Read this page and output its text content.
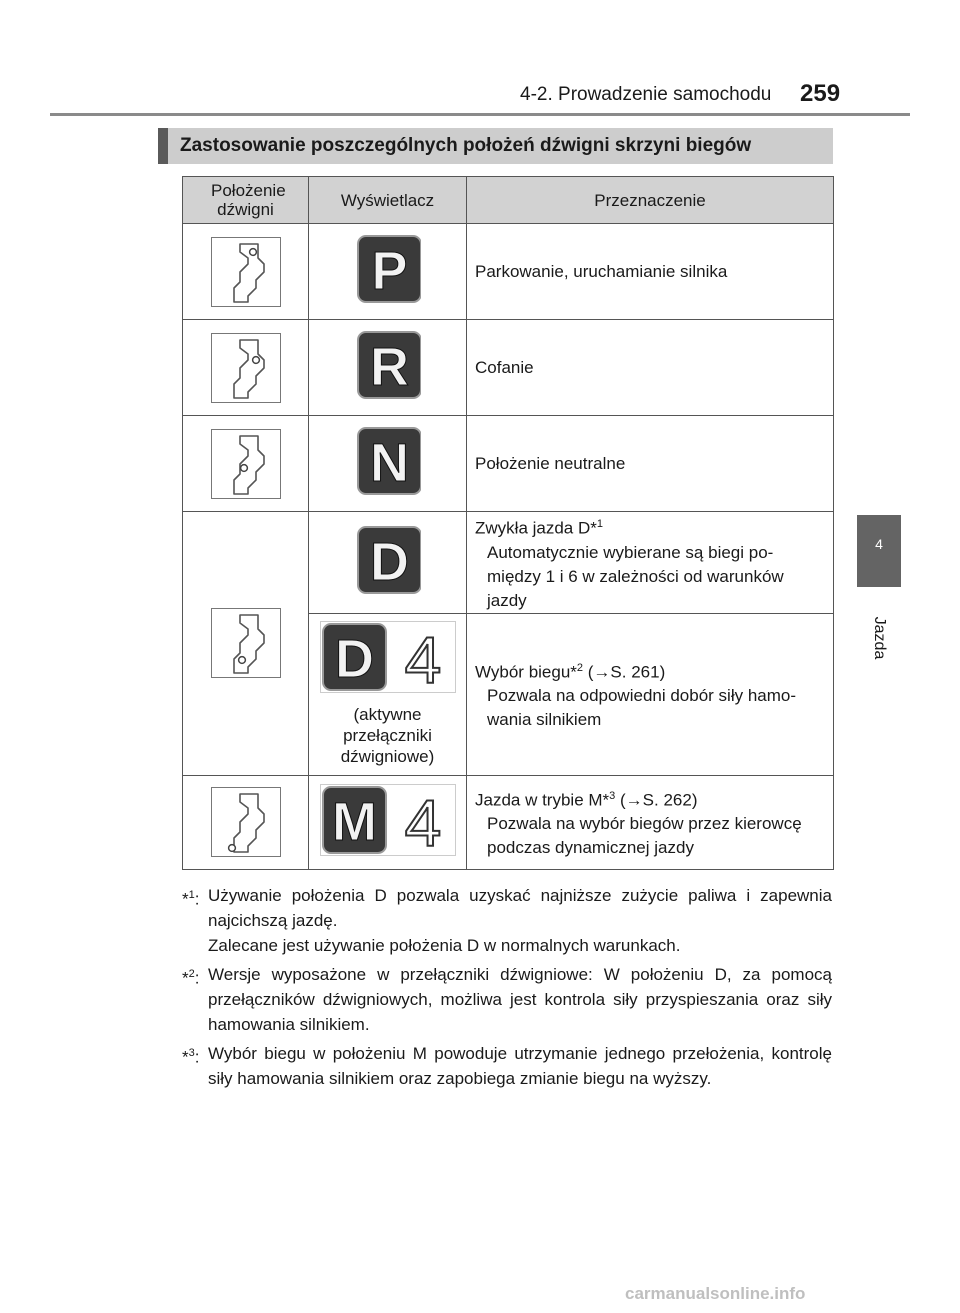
4-2. Prowadzenie samochodu 259
4
Jazda
Zastosowanie poszczególnych położeń dźwigni skrzyni biegów
Położenie dźwigni	Wyświetlacz	Przeznaczenie

P	Parkowanie, uruchamianie silnika

R	Cofanie

N	Położenie neutralne

D	Zwykła jazda D*$^1$
Automatycznie wybierane są biegi po-
między 1 i 6 w zależności od warunków
jazdy

D 4
(aktywne
przełączniki
dźwigniowe)	Wybór biegu*$^2$ (→S. 261)
Pozwala na odpowiedni dobór siły hamo-
wania silnikiem

M 4	Jazda w trybie M*$^3$ (→S. 262)
Pozwala na wybór biegów przez kierowcę
podczas dynamicznej jazdy
*$^1$: Używanie położenia D pozwala uzyskać najniższe zużycie paliwa i zapewnia najcichszą jazdę.
Zalecane jest używanie położenia D w normalnych warunkach.
*$^2$: Wersje wyposażone w przełączniki dźwigniowe: W położeniu D, za pomocą przełączników dźwigniowych, możliwa jest kontrola siły przyspieszania oraz siły hamowania silnikiem.
*$^3$: Wybór biegu w położeniu M powoduje utrzymanie jednego przełożenia, kontrolę siły hamowania silnikiem oraz zapobiega zmianie biegu na wyższy.
carmanualsonline.info
